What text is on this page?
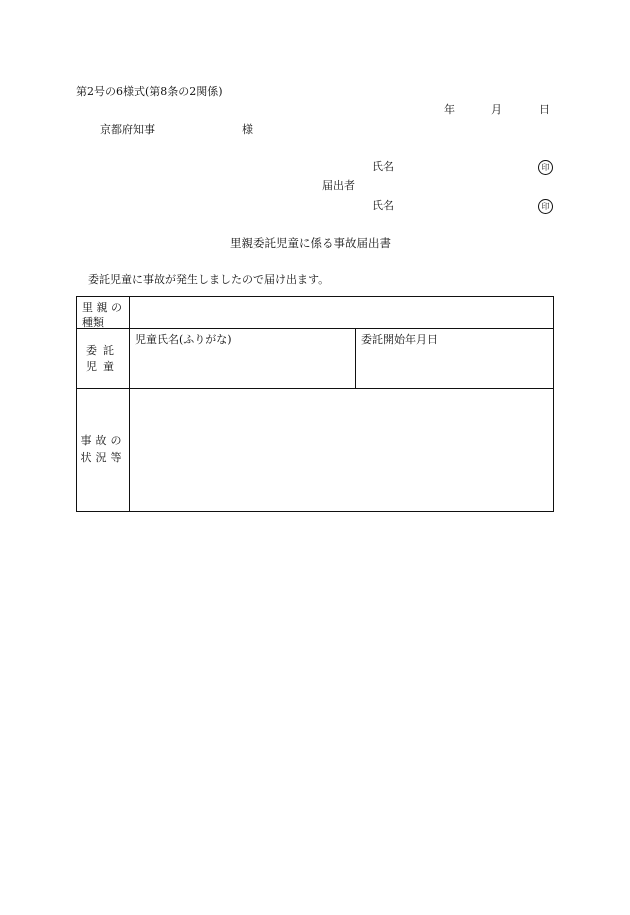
第2号の6様式(第8条の2関係)
年	月	日
京都府知事	様
氏名	印
届出者
氏名	印
里親委託児童に係る事故届出書
委託児童に事故が発生しましたので届け出ます。
里 親 の
種類
委託
児童
児童氏名(ふりがな)	委託開始年月日
事故の
状況等
